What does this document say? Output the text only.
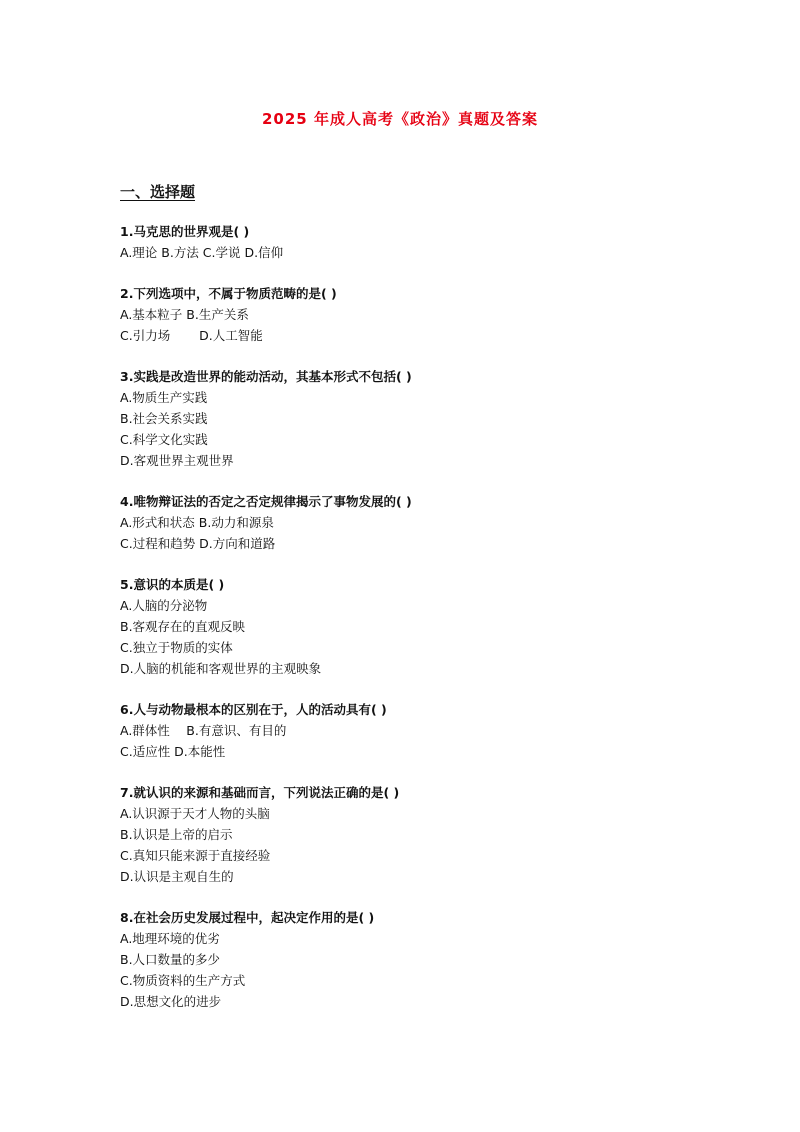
2025 年成人高考《政治》真题及答案
一、选择题
1.马克思的世界观是( )
A.理论 B.方法 C.学说 D.信仰
2.下列选项中，不属于物质范畴的是( )
A.基本粒子 B.生产关系
C.引力场 　　D.人工智能
3.实践是改造世界的能动活动，其基本形式不包括( )
A.物质生产实践
B.社会关系实践
C.科学文化实践
D.客观世界主观世界
4.唯物辩证法的否定之否定规律揭示了事物发展的( )
A.形式和状态 B.动力和源泉
C.过程和趋势 D.方向和道路
5.意识的本质是( )
A.人脑的分泌物
B.客观存在的直观反映
C.独立于物质的实体
D.人脑的机能和客观世界的主观映象
6.人与动物最根本的区别在于，人的活动具有( )
A.群体性 　B.有意识、有目的
C.适应性 D.本能性
7.就认识的来源和基础而言，下列说法正确的是( )
A.认识源于天才人物的头脑
B.认识是上帝的启示
C.真知只能来源于直接经验
D.认识是主观自生的
8.在社会历史发展过程中，起决定作用的是( )
A.地理环境的优劣
B.人口数量的多少
C.物质资料的生产方式
D.思想文化的进步
